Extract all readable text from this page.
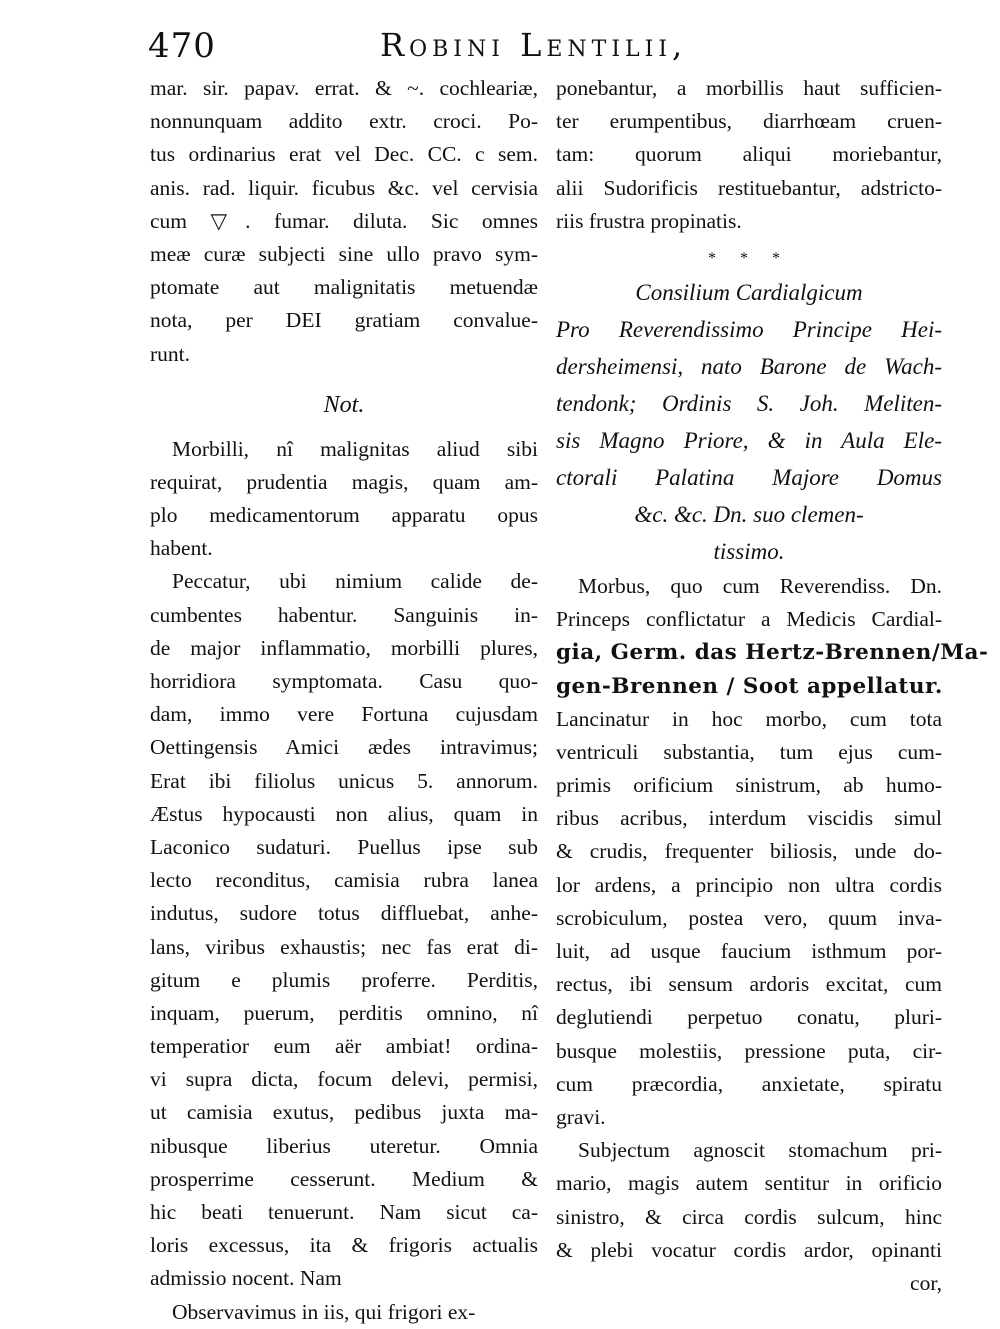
470	Robini Lentilii,
mar. sir. papav. errat. & ~. cochleariæ,
nonnunquam addito extr. croci. Po-
tus ordinarius erat vel Dec. CC. c sem.
anis. rad. liquir. ficubus &c. vel cervisia
cum ▽. fumar. diluta. Sic omnes
meæ curæ subjecti sine ullo pravo sym-
ptomate aut malignitatis metuendæ
nota, per DEI gratiam convalue-
runt.
Not.
Morbilli, nî malignitas aliud sibi
requirat, prudentia magis, quam am-
plo medicamentorum apparatu opus
habent.
Peccatur, ubi nimium calide de-
cumbentes habentur. Sanguinis in-
de major inflammatio, morbilli plures,
horridiora symptomata. Casu quo-
dam, immo vere Fortuna cujusdam
Oettingensis Amici ædes intravimus;
Erat ibi filiolus unicus 5. annorum.
Æstus hypocausti non alius, quam in
Laconico sudaturi. Puellus ipse sub
lecto reconditus, camisia rubra lanea
indutus, sudore totus diffluebat, anhe-
lans, viribus exhaustis; nec fas erat di-
gitum e plumis proferre. Perditis,
inquam, puerum, perditis omnino, nî
temperatior eum aër ambiat! ordina-
vi supra dicta, focum delevi, permisi,
ut camisia exutus, pedibus juxta ma-
nibusque liberius uteretur. Omnia
prosperrime cesserunt. Medium &
hic beati tenuerunt. Nam sicut ca-
loris excessus, ita & frigoris actualis
admissio nocent. Nam
Observavimus in iis, qui frigori ex-
ponebantur, a morbillis haut sufficien-
ter erumpentibus, diarrhœam cruen-
tam: quorum aliqui moriebantur,
alii Sudorificis restituebantur, adstricto-
riis frustra propinatis.
* * *
Consilium Cardialgicum
Pro Reverendissimo Principe Hei-
dersheimensi, nato Barone de Wach-
tendonk; Ordinis S. Joh. Meliten-
sis Magno Priore, & in Aula Ele-
ctorali Palatina Majore Domus
&c. &c. Dn. suo clemen-
tissimo.
Morbus, quo cum Reverendiss. Dn.
Princeps conflictatur a Medicis Cardial-
gia, Germ. das Hertz-Brennen/Ma-
gen-Brennen / Soot appellatur.
Lancinatur in hoc morbo, cum tota
ventriculi substantia, tum ejus cum-
primis orificium sinistrum, ab humo-
ribus acribus, interdum viscidis simul
& crudis, frequenter biliosis, unde do-
lor ardens, a principio non ultra cordis
scrobiculum, postea vero, quum inva-
luit, ad usque faucium isthmum por-
rectus, ibi sensum ardoris excitat, cum
deglutiendi perpetuo conatu, pluri-
busque molestiis, pressione puta, cir-
cum præcordia, anxietate, spiratu
gravi.
Subjectum agnoscit stomachum pri-
mario, magis autem sentitur in orificio
sinistro, & circa cordis sulcum, hinc
& plebi vocatur cordis ardor, opinanti
cor,
